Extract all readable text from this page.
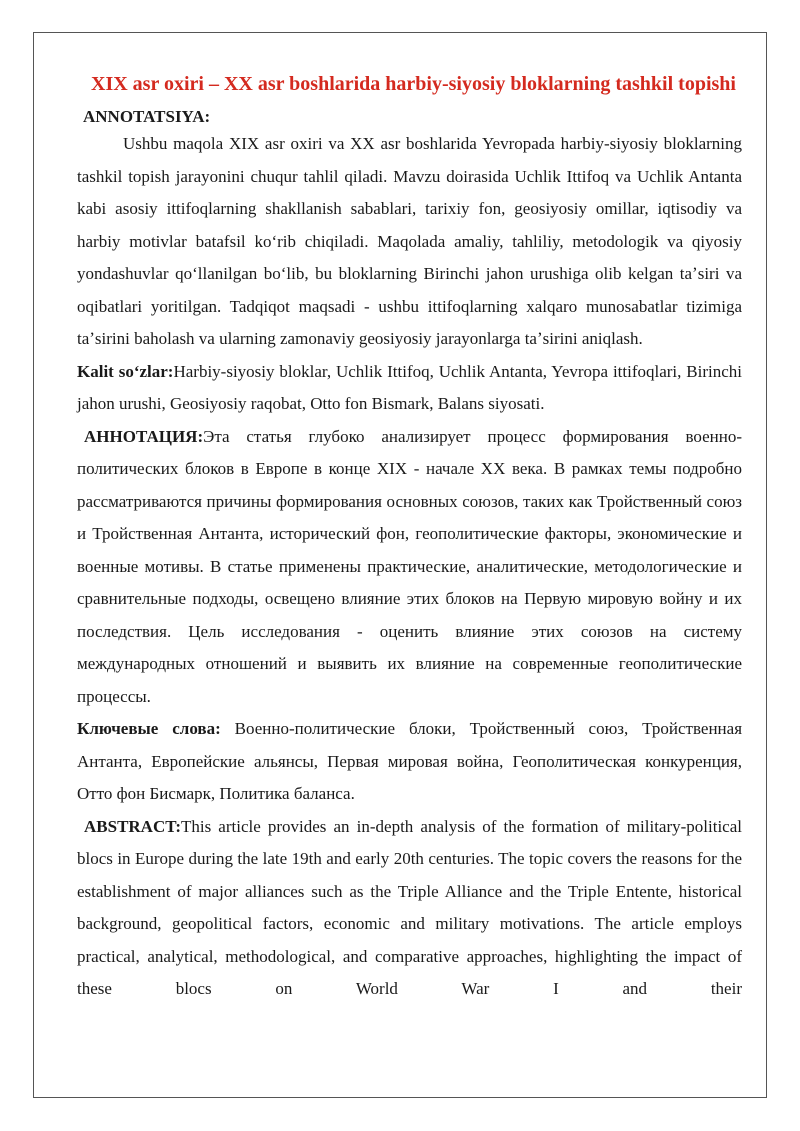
XIX asr oxiri – XX asr boshlarida harbiy-siyosiy bloklarning tashkil topishi
ANNOTATSIYA:

Ushbu maqola XIX asr oxiri va XX asr boshlarida Yevropada harbiy-siyosiy bloklarning tashkil topish jarayonini chuqur tahlil qiladi. Mavzu doirasida Uchlik Ittifoq va Uchlik Antanta kabi asosiy ittifoqlarning shakllanish sabablari, tarixiy fon, geosiyosiy omillar, iqtisodiy va harbiy motivlar batafsil koʻrib chiqiladi. Maqolada amaliy, tahliliy, metodologik va qiyosiy yondashuvlar qoʻllanilgan boʻlib, bu bloklarning Birinchi jahon urushiga olib kelgan taʼsiri va oqibatlari yoritilgan. Tadqiqot maqsadi - ushbu ittifoqlarning xalqaro munosabatlar tizimiga taʼsirini baholash va ularning zamonaviy geosiyosiy jarayonlarga taʼsirini aniqlash.

Kalit soʻzlar:Harbiy-siyosiy bloklar, Uchlik Ittifoq, Uchlik Antanta, Yevropa ittifoqlari, Birinchi jahon urushi, Geosiyosiy raqobat, Otto fon Bismark, Balans siyosati.

АННОТАЦИЯ:Эта статья глубоко анализирует процесс формирования военно-политических блоков в Европе в конце XIX - начале XX века. В рамках темы подробно рассматриваются причины формирования основных союзов, таких как Тройственный союз и Тройственная Антанта, исторический фон, геополитические факторы, экономические и военные мотивы. В статье применены практические, аналитические, методологические и сравнительные подходы, освещено влияние этих блоков на Первую мировую войну и их последствия. Цель исследования - оценить влияние этих союзов на систему международных отношений и выявить их влияние на современные геополитические процессы.

Ключевые слова: Военно-политические блоки, Тройственный союз, Тройственная Антанта, Европейские альянсы, Первая мировая война, Геополитическая конкуренция, Отто фон Бисмарк, Политика баланса.

ABSTRACT:This article provides an in-depth analysis of the formation of military-political blocs in Europe during the late 19th and early 20th centuries. The topic covers the reasons for the establishment of major alliances such as the Triple Alliance and the Triple Entente, historical background, geopolitical factors, economic and military motivations. The article employs practical, analytical, methodological, and comparative approaches, highlighting the impact of these blocs on World War I and their
